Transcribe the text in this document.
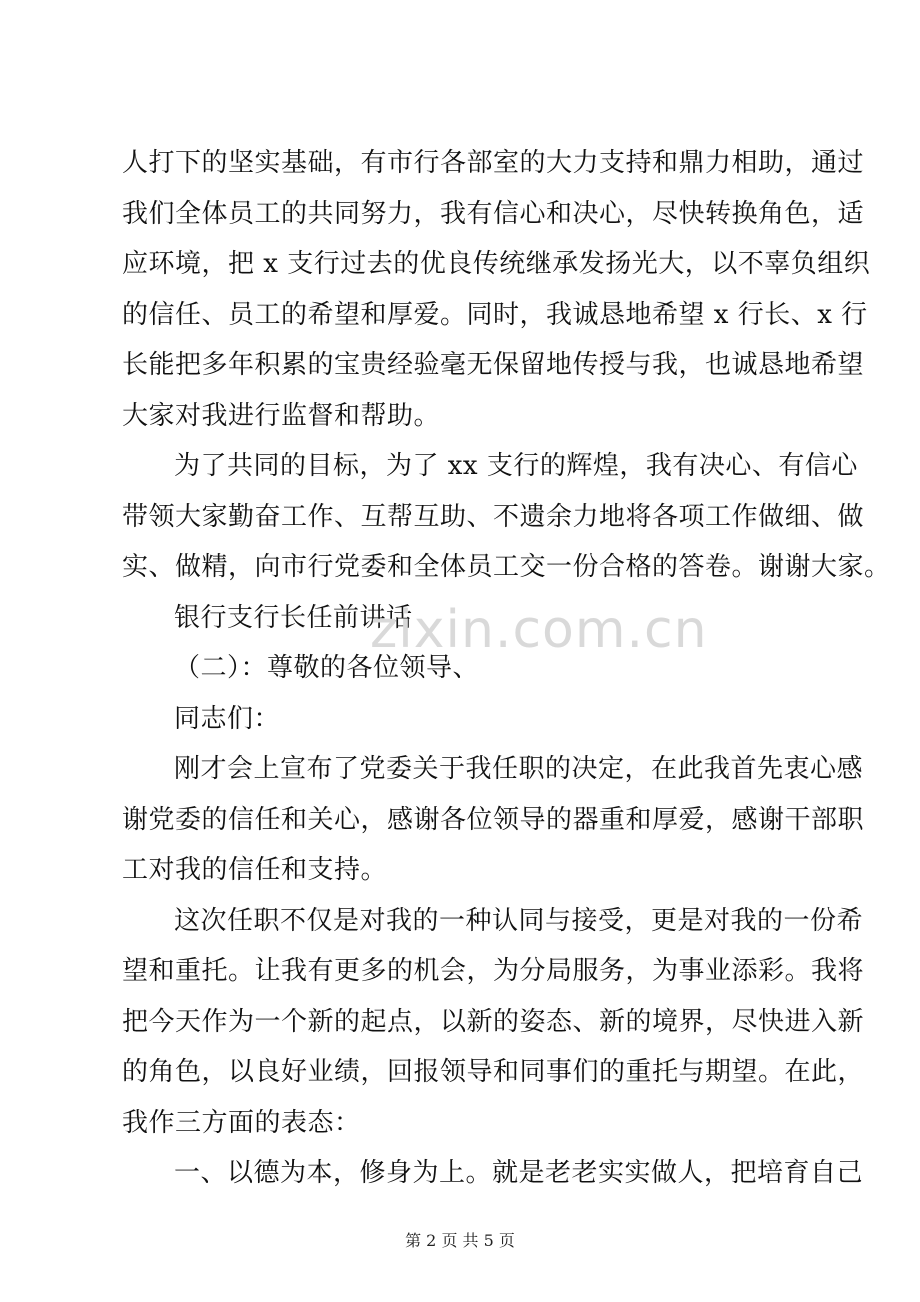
人打下的坚实基础，有市行各部室的大力支持和鼎力相助，通过
我们全体员工的共同努力，我有信心和决心，尽快转换角色，适
应环境，把 x 支行过去的优良传统继承发扬光大，以不辜负组织
的信任、员工的希望和厚爱。同时，我诚恳地希望 x 行长、x 行
长能把多年积累的宝贵经验毫无保留地传授与我，也诚恳地希望
大家对我进行监督和帮助。
为了共同的目标，为了 xx 支行的辉煌，我有决心、有信心
带领大家勤奋工作、互帮互助、不遗余力地将各项工作做细、做
实、做精，向市行党委和全体员工交一份合格的答卷。谢谢大家。
银行支行长任前讲话
（二）：尊敬的各位领导、
同志们：
刚才会上宣布了党委关于我任职的决定，在此我首先衷心感
谢党委的信任和关心，感谢各位领导的器重和厚爱，感谢干部职
工对我的信任和支持。
这次任职不仅是对我的一种认同与接受，更是对我的一份希
望和重托。让我有更多的机会，为分局服务，为事业添彩。我将
把今天作为一个新的起点，以新的姿态、新的境界，尽快进入新
的角色，以良好业绩，回报领导和同事们的重托与期望。在此，
zixin.com.cn
第 2 页 共 5 页
我作三方面的表态：
一、以德为本，修身为上。就是老老实实做人，把培育自己
